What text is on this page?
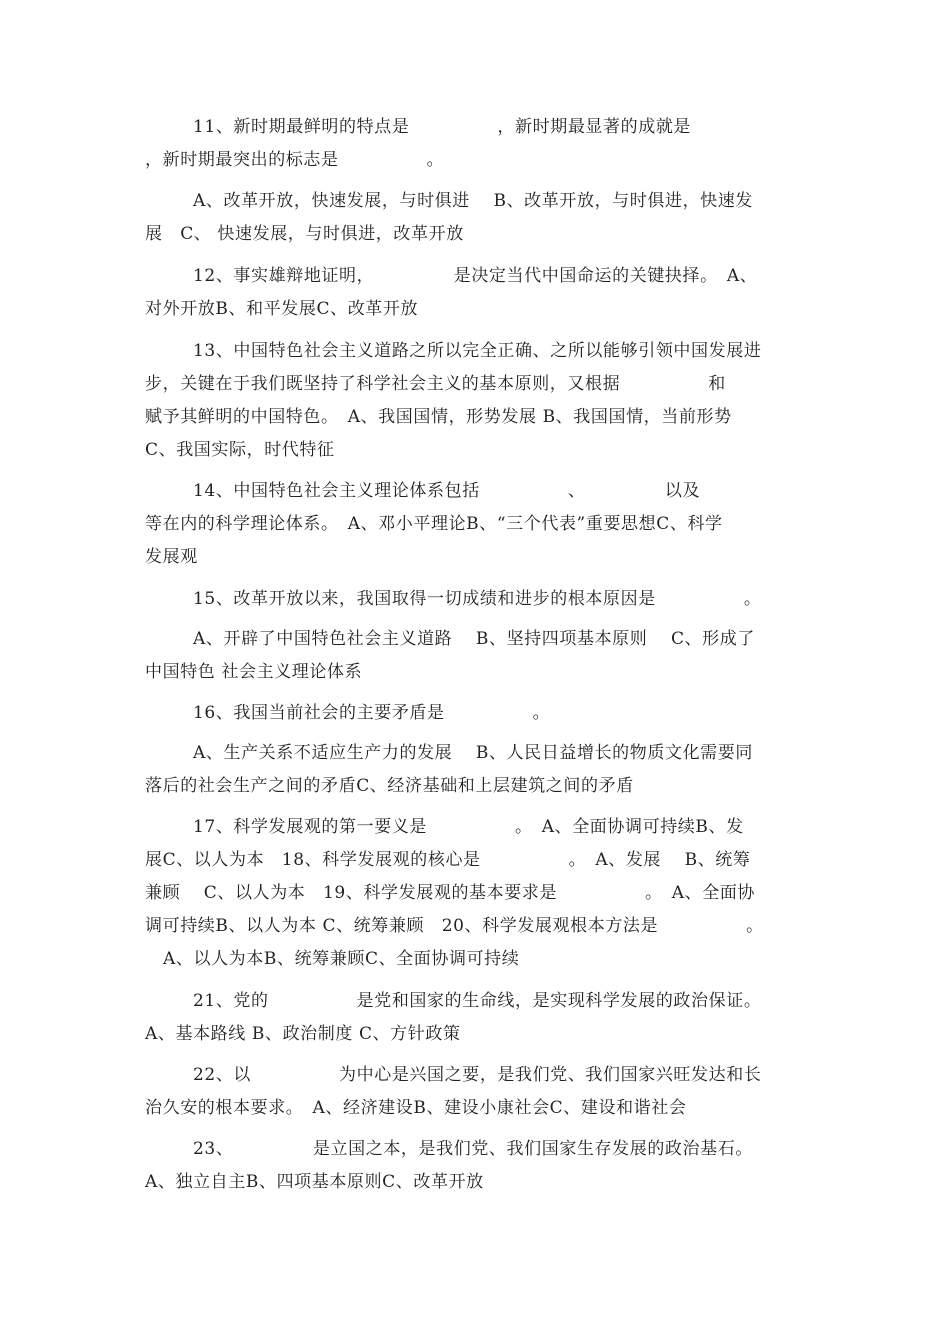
11、新时期最鲜明的特点是　　　　　，新时期最显著的成就是
，新时期最突出的标志是　　　　　。
A、改革开放，快速发展，与时俱进　 B、改革开放，与时俱进，快速发
展　C、 快速发展，与时俱进，改革开放
12、事实雄辩地证明，　　　　　是决定当代中国命运的关键抉择。　A、
对外开放B、和平发展C、改革开放
13、中国特色社会主义道路之所以完全正确、之所以能够引领中国发展进
步，关键在于我们既坚持了科学社会主义的基本原则，又根据　　　　　和
赋予其鲜明的中国特色。　A、我国国情，形势发展 B、我国国情，当前形势
C、我国实际，时代特征
14、中国特色社会主义理论体系包括　　　　　、　　　　　以及
等在内的科学理论体系。　A、邓小平理论B、“三个代表”重要思想C、科学
发展观
15、改革开放以来，我国取得一切成绩和进步的根本原因是　　　　　。
A、开辟了中国特色社会主义道路　 B、坚持四项基本原则　 C、形成了
中国特色 社会主义理论体系
16、我国当前社会的主要矛盾是　　　　　。
A、生产关系不适应生产力的发展　 B、人民日益增长的物质文化需要同
落后的社会生产之间的矛盾C、经济基础和上层建筑之间的矛盾
17、科学发展观的第一要义是　　　　　。　A、全面协调可持续B、发
展C、以人为本　18、科学发展观的核心是　　　　　。　A、发展　 B、统筹
兼顾　 C、以人为本　19、科学发展观的基本要求是　　　　　。　A、全面协
调可持续B、以人为本 C、统筹兼顾　20、科学发展观根本方法是　　　　　。
A、以人为本B、统筹兼顾C、全面协调可持续
21、党的　　　　　是党和国家的生命线，是实现科学发展的政治保证。
A、基本路线 B、政治制度 C、方针政策
22、以　　　　　为中心是兴国之要，是我们党、我们国家兴旺发达和长
治久安的根本要求。　A、经济建设B、建设小康社会C、建设和谐社会
23、　　　　　是立国之本，是我们党、我们国家生存发展的政治基石。
A、独立自主B、四项基本原则C、改革开放
